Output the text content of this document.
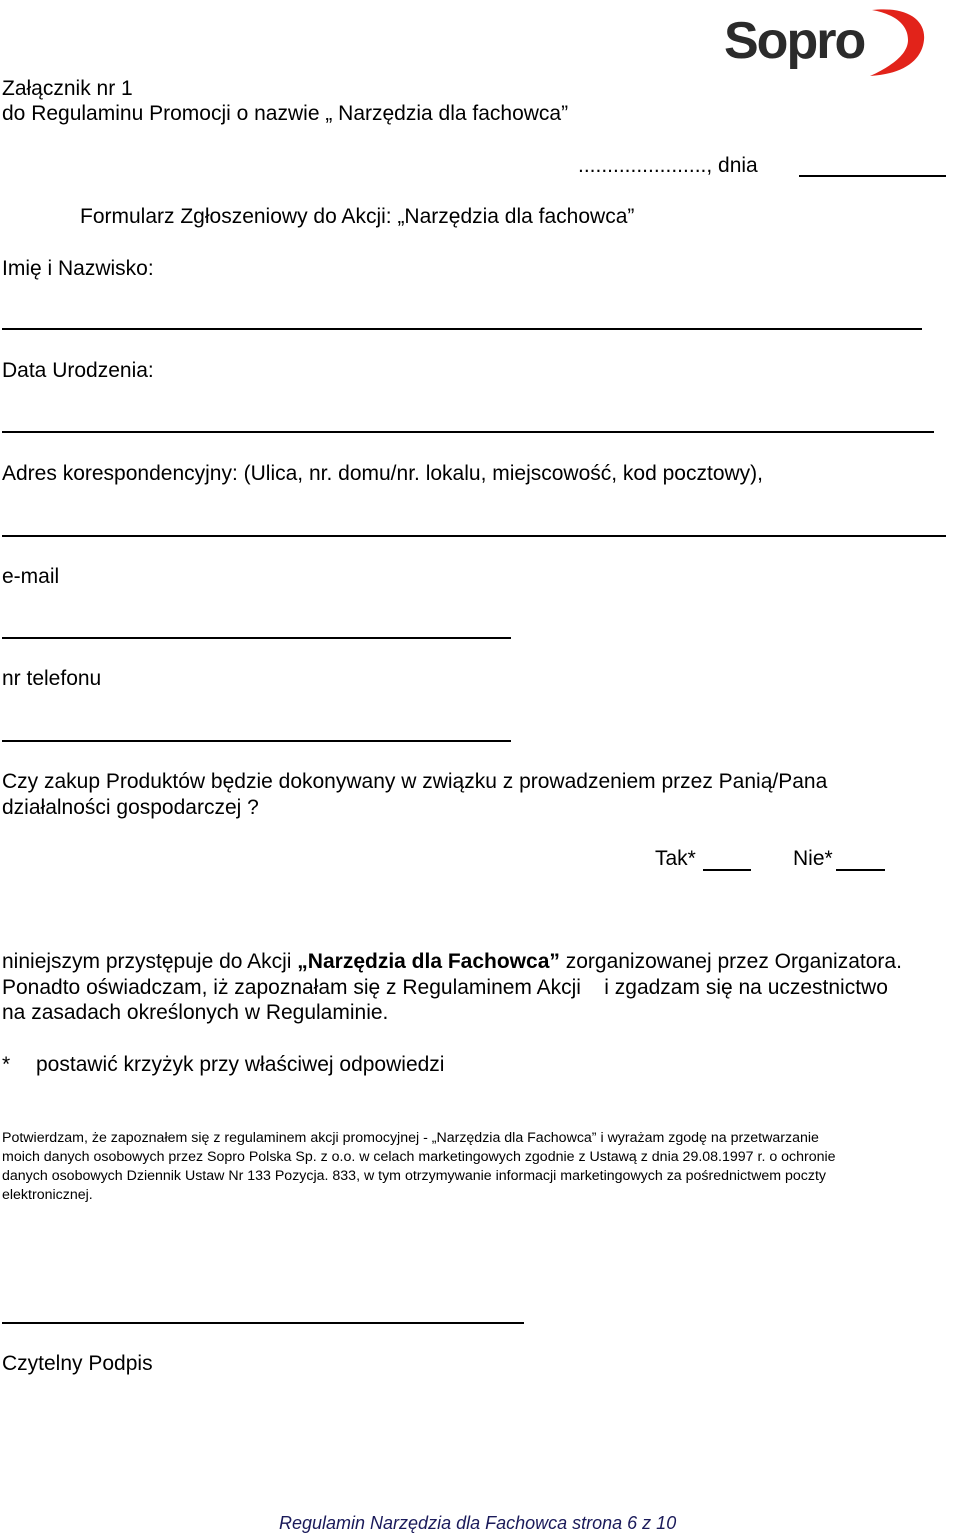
Sopro
Załącznik nr 1
do Regulaminu Promocji o nazwie „ Narzędzia dla fachowca”
......................, dnia
Formularz Zgłoszeniowy do Akcji: „Narzędzia dla fachowca”
Imię i Nazwisko:
Data Urodzenia:
Adres korespondencyjny: (Ulica, nr. domu/nr. lokalu, miejscowość, kod pocztowy),
e-mail
nr telefonu
Czy zakup Produktów będzie dokonywany w związku z prowadzeniem przez Panią/Pana
działalności gospodarczej ?
Tak*	Nie*
niniejszym przystępuje do Akcji „Narzędzia dla Fachowca” zorganizowanej przez Organizatora.
Ponadto oświadczam, iż zapoznałam się z Regulaminem Akcji    i zgadzam się na uczestnictwo
na zasadach określonych w Regulaminie.
* postawić krzyżyk przy właściwej odpowiedzi
Potwierdzam, że zapoznałem się z regulaminem akcji promocyjnej - „Narzędzia dla Fachowca” i wyrażam zgodę na przetwarzanie
moich danych osobowych przez Sopro Polska Sp. z o.o. w celach marketingowych zgodnie z Ustawą z dnia 29.08.1997 r. o ochronie
danych osobowych Dziennik Ustaw Nr 133 Pozycja. 833, w tym otrzymywanie informacji marketingowych za pośrednictwem poczty
elektronicznej.
Czytelny Podpis
Regulamin Narzędzia dla Fachowca strona 6 z 10
